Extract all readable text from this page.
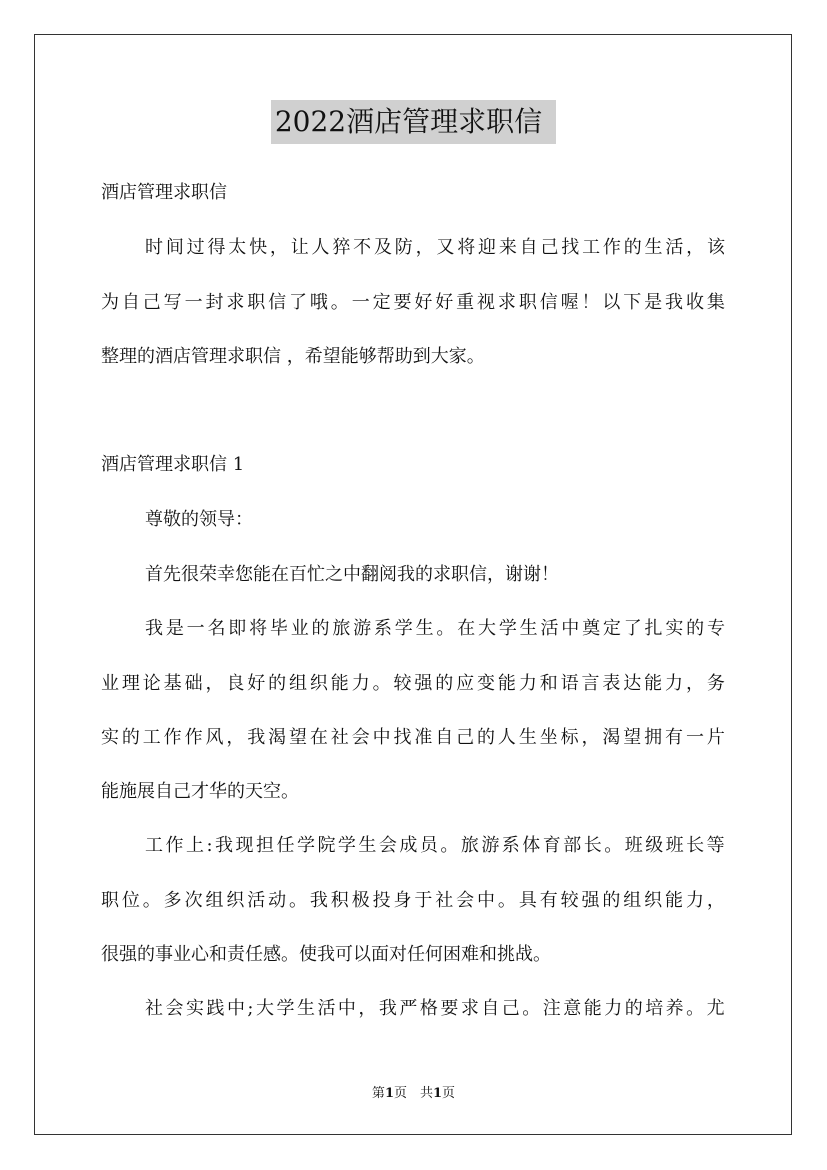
2022酒店管理求职信
酒店管理求职信
时 间 过 得 太 快 ， 让 人 猝 不 及 防 ， 又 将 迎 来 自 己 找 工 作 的 生 活 ， 该
为 自 己 写 一 封 求 职 信 了 哦 。 一 定 要 好 好 重 视 求 职 信 喔 ！ 以 下 是 我 收 集
整理的酒店管理求职信 ，希望能够帮助到大家。
酒店管理求职信 1
尊敬的领导：
首先很荣幸您能在百忙之中翻阅我的求职信，谢谢！
我 是 一 名 即 将 毕 业 的 旅 游 系 学 生 。 在 大 学 生 活 中 奠 定 了 扎 实 的 专
业 理 论 基 础 ， 良 好 的 组 织 能 力 。 较 强 的 应 变 能 力 和 语 言 表 达 能 力 ， 务
实 的 工 作 作 风 ， 我 渴 望 在 社 会 中 找 准 自 己 的 人 生 坐 标 ， 渴 望 拥 有 一 片
能施展自己才华的天空。
工 作 上 : 我 现 担 任 学 院 学 生 会 成 员 。 旅 游 系 体 育 部 长 。 班 级 班 长 等
职 位 。 多 次 组 织 活 动 。 我 积 极 投 身 于 社 会 中 。 具 有 较 强 的 组 织 能 力 ，
很强的事业心和责任感。使我可以面对任何困难和挑战。
社 会 实 践 中 ; 大 学 生 活 中 ， 我 严 格 要 求 自 己 。 注 意 能 力 的 培 养 。 尤
第1页　共1页
